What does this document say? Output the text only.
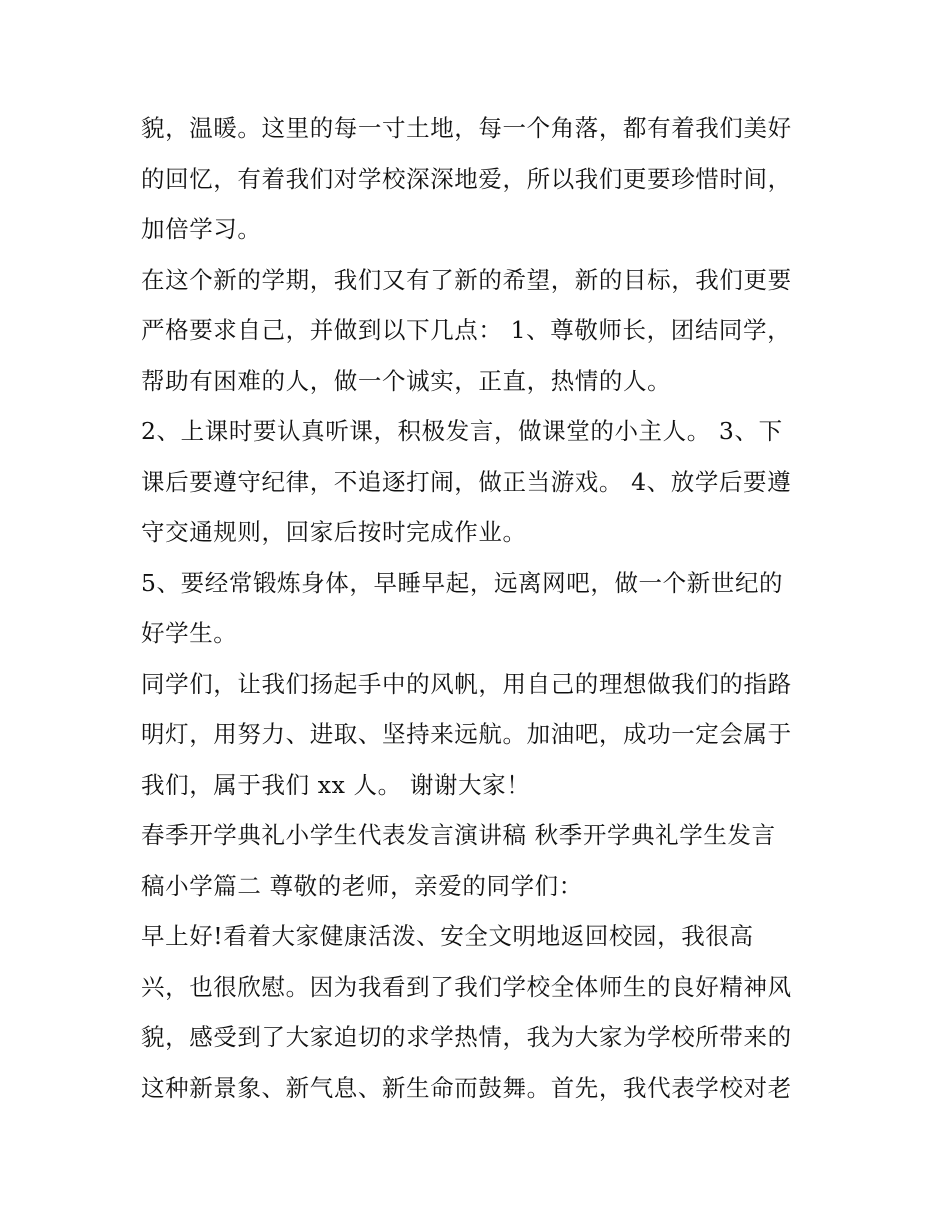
貌，温暖。这里的每一寸土地，每一个角落，都有着我们美好
的回忆，有着我们对学校深深地爱，所以我们更要珍惜时间，
加倍学习。
在这个新的学期，我们又有了新的希望，新的目标，我们更要
严格要求自己，并做到以下几点： 1、尊敬师长，团结同学，
帮助有困难的人，做一个诚实，正直，热情的人。
2、上课时要认真听课，积极发言，做课堂的小主人。 3、下
课后要遵守纪律，不追逐打闹，做正当游戏。 4、放学后要遵
守交通规则，回家后按时完成作业。
5、要经常锻炼身体，早睡早起，远离网吧，做一个新世纪的
好学生。
同学们，让我们扬起手中的风帆，用自己的理想做我们的指路
明灯，用努力、进取、坚持来远航。加油吧，成功一定会属于
我们，属于我们 xx 人。 谢谢大家！
春季开学典礼小学生代表发言演讲稿 秋季开学典礼学生发言
稿小学篇二 尊敬的老师，亲爱的同学们：
早上好!看着大家健康活泼、安全文明地返回校园，我很高
兴，也很欣慰。因为我看到了我们学校全体师生的良好精神风
貌，感受到了大家迫切的求学热情，我为大家为学校所带来的
这种新景象、新气息、新生命而鼓舞。首先，我代表学校对老
